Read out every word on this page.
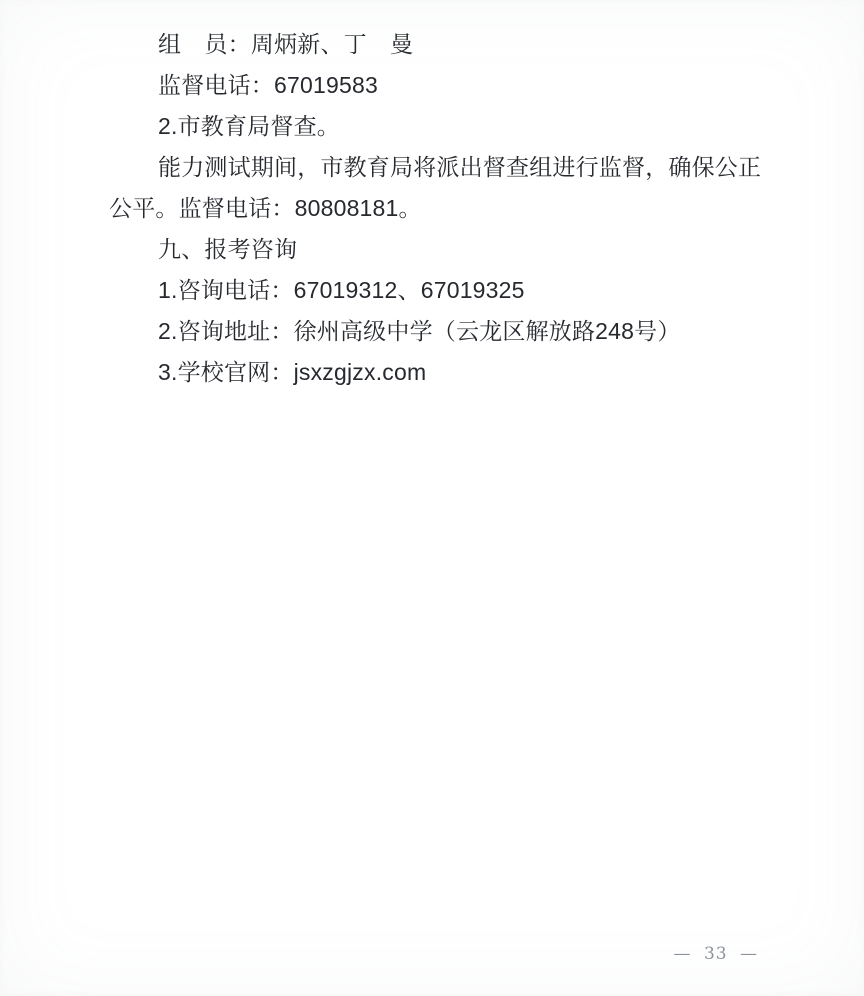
组　员：周炳新、丁　曼

监督电话：67019583

2.市教育局督查。

能力测试期间，市教育局将派出督查组进行监督，确保公正

公平。监督电话：80808181。

九、报考咨询

1.咨询电话：67019312、67019325

2.咨询地址：徐州高级中学（云龙区解放路248号）

3.学校官网：jsxzgjzx.com

— 33 —
